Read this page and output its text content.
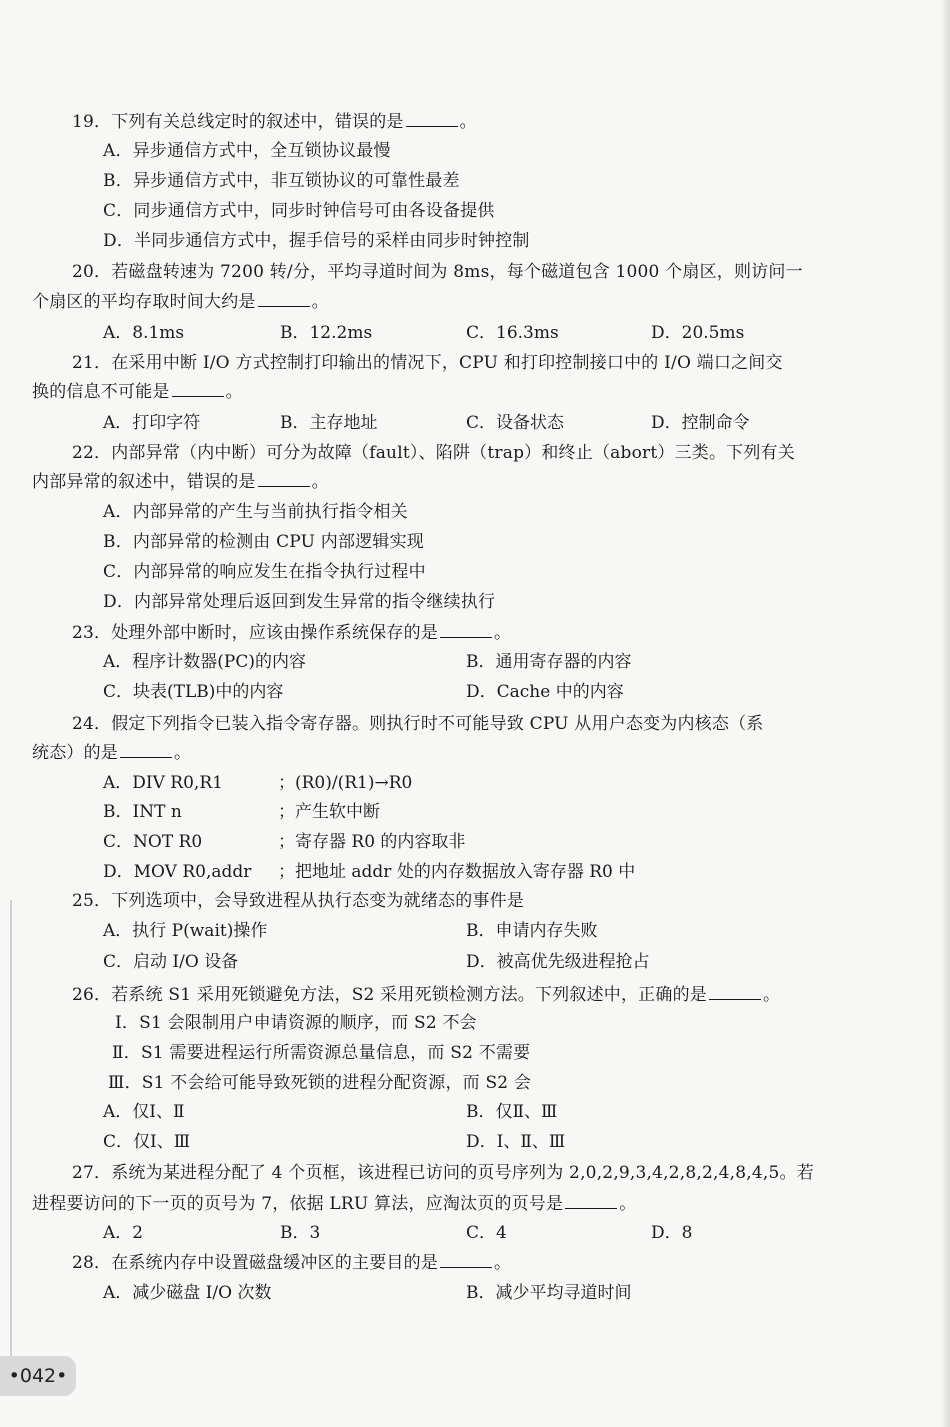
19．下列有关总线定时的叙述中，错误的是	。
A．异步通信方式中，全互锁协议最慢
B．异步通信方式中，非互锁协议的可靠性最差
C．同步通信方式中，同步时钟信号可由各设备提供
D．半同步通信方式中，握手信号的采样由同步时钟控制
20．若磁盘转速为 7200 转/分，平均寻道时间为 8ms，每个磁道包含 1000 个扇区，则访问一
个扇区的平均存取时间大约是	。
A．8.1ms	B．12.2ms	C．16.3ms	D．20.5ms
21．在采用中断 I/O 方式控制打印输出的情况下，CPU 和打印控制接口中的 I/O 端口之间交
换的信息不可能是	。
A．打印字符	B．主存地址	C．设备状态	D．控制命令
22．内部异常（内中断）可分为故障（fault）、陷阱（trap）和终止（abort）三类。下列有关
内部异常的叙述中，错误的是	。
A．内部异常的产生与当前执行指令相关
B．内部异常的检测由 CPU 内部逻辑实现
C．内部异常的响应发生在指令执行过程中
D．内部异常处理后返回到发生异常的指令继续执行
23．处理外部中断时，应该由操作系统保存的是	。
A．程序计数器(PC)的内容	B．通用寄存器的内容
C．块表(TLB)中的内容	D．Cache 中的内容
24．假定下列指令已装入指令寄存器。则执行时不可能导致 CPU 从用户态变为内核态（系
统态）的是	。
A．DIV R0,R1	；(R0)/(R1)→R0
B．INT n	；产生软中断
C．NOT R0	；寄存器 R0 的内容取非
D．MOV R0,addr ；把地址 addr 处的内存数据放入寄存器 R0 中
25．下列选项中，会导致进程从执行态变为就绪态的事件是
A．执行 P(wait)操作	B．申请内存失败
C．启动 I/O 设备	D．被高优先级进程抢占
26．若系统 S1 采用死锁避免方法，S2 采用死锁检测方法。下列叙述中，正确的是	。
Ⅰ．S1 会限制用户申请资源的顺序，而 S2 不会
Ⅱ．S1 需要进程运行所需资源总量信息，而 S2 不需要
Ⅲ．S1 不会给可能导致死锁的进程分配资源，而 S2 会
A．仅Ⅰ、Ⅱ	B．仅Ⅱ、Ⅲ
C．仅Ⅰ、Ⅲ	D．Ⅰ、Ⅱ、Ⅲ
27．系统为某进程分配了 4 个页框，该进程已访问的页号序列为 2,0,2,9,3,4,2,8,2,4,8,4,5。若
进程要访问的下一页的页号为 7，依据 LRU 算法，应淘汰页的页号是	。
A．2	B．3	C．4	D．8
28．在系统内存中设置磁盘缓冲区的主要目的是	。
A．减少磁盘 I/O 次数	B．减少平均寻道时间
• 042 •
